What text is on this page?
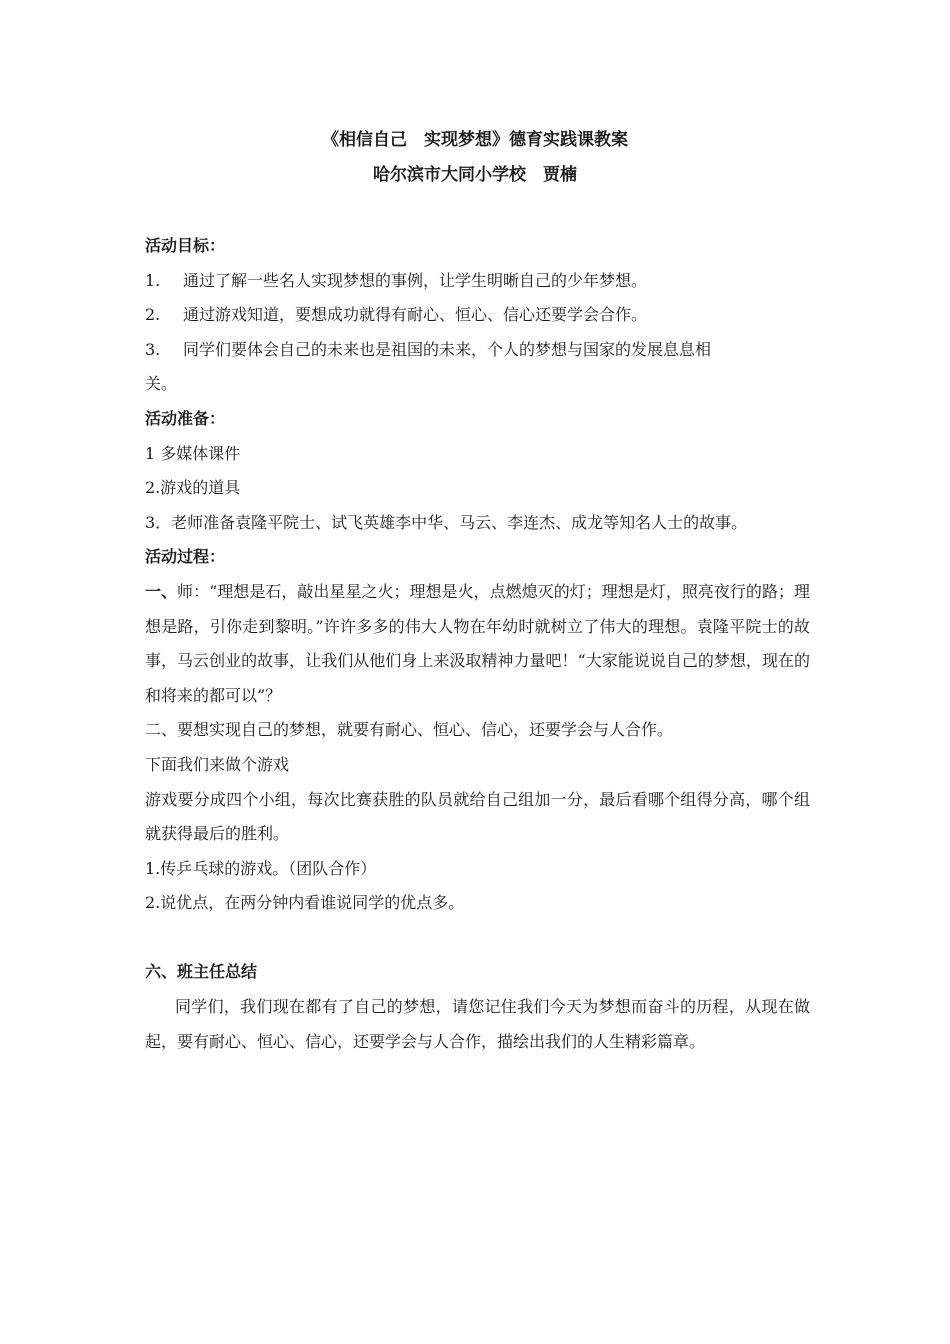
《相信自己　实现梦想》德育实践课教案
哈尔滨市大同小学校　贾楠

活动目标：

1.	通过了解一些名人实现梦想的事例，让学生明晰自己的少年梦想。
2.	通过游戏知道，要想成功就得有耐心、恒心、信心还要学会合作。
3.	同学们要体会自己的未来也是祖国的未来，个人的梦想与国家的发展息息相

关。

活动准备：

1 多媒体课件

2.游戏的道具

3．老师准备袁隆平院士、试飞英雄李中华、马云、李连杰、成龙等知名人士的故事。

活动过程：

一、师：“理想是石，敲出星星之火；理想是火，点燃熄灭的灯；理想是灯，照亮夜行的路；理想是路，引你走到黎明。”许许多多的伟大人物在年幼时就树立了伟大的理想。袁隆平院士的故事，马云创业的故事，让我们从他们身上来汲取精神力量吧！“大家能说说自己的梦想，现在的和将来的都可以”？

二、要想实现自己的梦想，就要有耐心、恒心、信心，还要学会与人合作。

下面我们来做个游戏

游戏要分成四个小组，每次比赛获胜的队员就给自己组加一分，最后看哪个组得分高，哪个组就获得最后的胜利。

1.传乒乓球的游戏。（团队合作）

2.说优点，在两分钟内看谁说同学的优点多。

六、班主任总结

同学们，我们现在都有了自己的梦想，请您记住我们今天为梦想而奋斗的历程，从现在做起，要有耐心、恒心、信心，还要学会与人合作，描绘出我们的人生精彩篇章。
